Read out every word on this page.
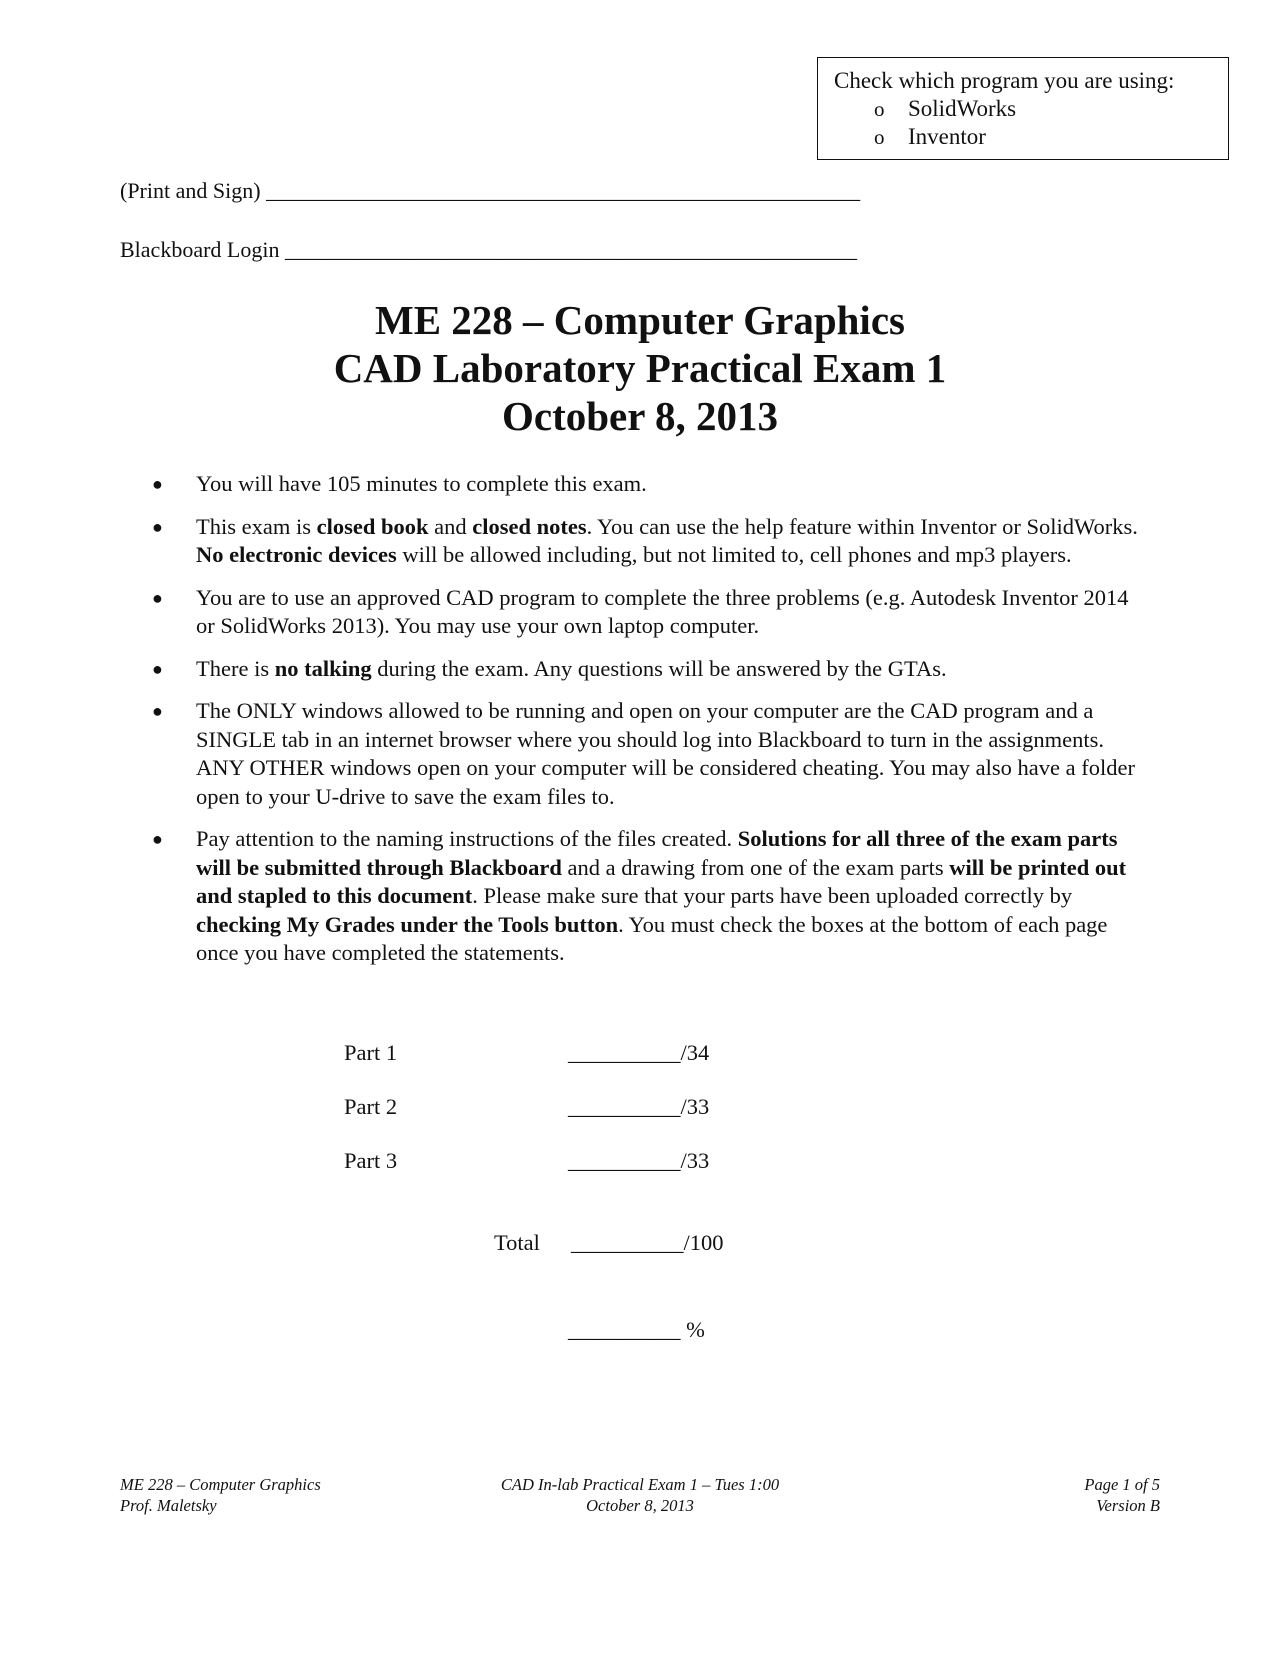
Check which program you are using:
o	SolidWorks
o	Inventor
(Print and Sign) ______________________________________________________
Blackboard Login ____________________________________________________
ME 228 – Computer Graphics
CAD Laboratory Practical Exam 1
October 8, 2013
●	You will have 105 minutes to complete this exam.
●	This exam is closed book and closed notes. You can use the help feature within Inventor or SolidWorks. No electronic devices will be allowed including, but not limited to, cell phones and mp3 players.
●	You are to use an approved CAD program to complete the three problems (e.g. Autodesk Inventor 2014 or SolidWorks 2013). You may use your own laptop computer.
●	There is no talking during the exam. Any questions will be answered by the GTAs.
●	The ONLY windows allowed to be running and open on your computer are the CAD program and a SINGLE tab in an internet browser where you should log into Blackboard to turn in the assignments. ANY OTHER windows open on your computer will be considered cheating. You may also have a folder open to your U-drive to save the exam files to.
●	Pay attention to the naming instructions of the files created. Solutions for all three of the exam parts will be submitted through Blackboard and a drawing from one of the exam parts will be printed out and stapled to this document. Please make sure that your parts have been uploaded correctly by checking My Grades under the Tools button. You must check the boxes at the bottom of each page once you have completed the statements.
Part 1	__________/34
Part 2	__________/33
Part 3	__________/33
Total __________/100
__________ %
ME 228 – Computer Graphics
Prof. Maletsky
CAD In-lab Practical Exam 1 – Tues 1:00
October 8, 2013
Page 1 of 5
Version B
